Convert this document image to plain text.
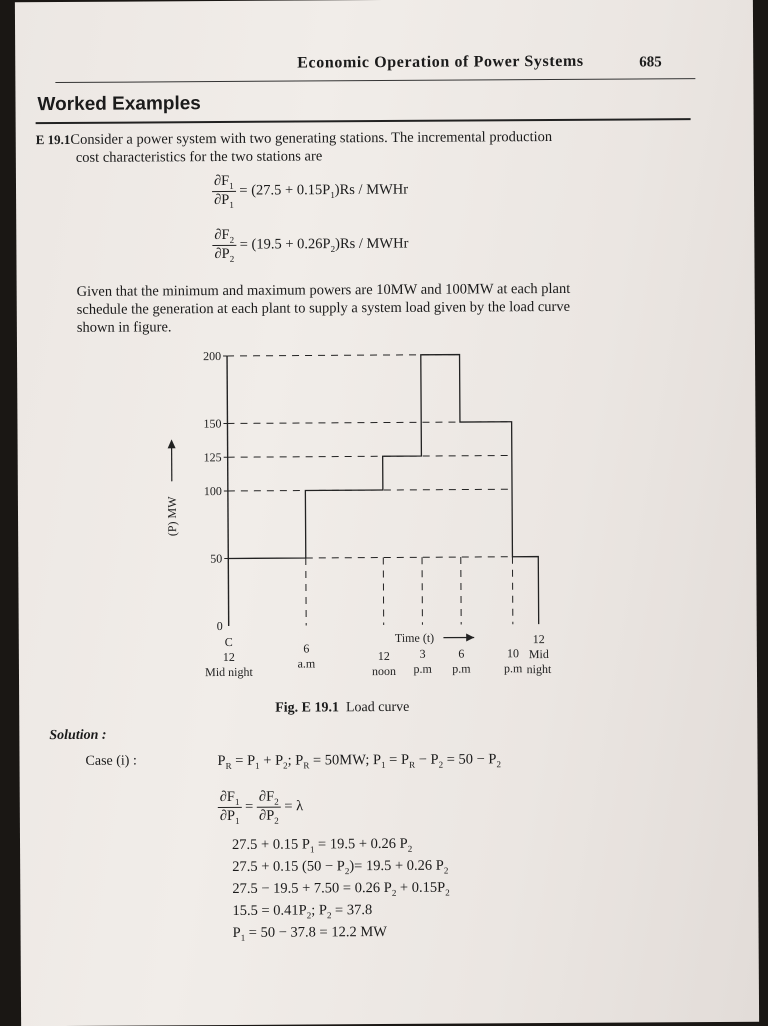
Economic Operation of Power Systems	685
Worked Examples
E 19.1Consider a power system with two generating stations. The incremental production
cost characteristics for the two stations are
$\frac{\partial F_1}{\partial P_1} = (27.5 + 0.15P_1)Rs$ / MWHr
$\frac{\partial F_2}{\partial P_2} = (19.5 + 0.26P_2)Rs$ / MWHr
Given that the minimum and maximum powers are 10MW and 100MW at each plant
schedule the generation at each plant to supply a system load given by the load curve
shown in figure.
0
50
100
125
150
200
C
12
Mid night
6
a.m
12
noon
3
p.m
6
p.m
10
p.m
12
Mid
night
Time (t)
(P) MW
Fig. E 19.1 Load curve
Solution :
Case (i) :	$P_R = P_1 + P_2$; $P_R = 50MW$; $P_1 = P_R - P_2 = 50 - P_2$
$\frac{\partial F_1}{\partial P_1} = \frac{\partial F_2}{\partial P_2} = \lambda$
27.5 + 0.15 $P_1 = 19.5 + 0.26$ $P_2$
27.5 + 0.15 $(50 - P_2)= 19.5 + 0.26$ $P_2$
27.5 − 19.5 + 7.50 = 0.26 $P_2 + 0.15P_2$
$15.5 = 0.41P_2$; $P_2 = 37.8$
$P_1 = 50 - 37.8 = 12.2$ MW
